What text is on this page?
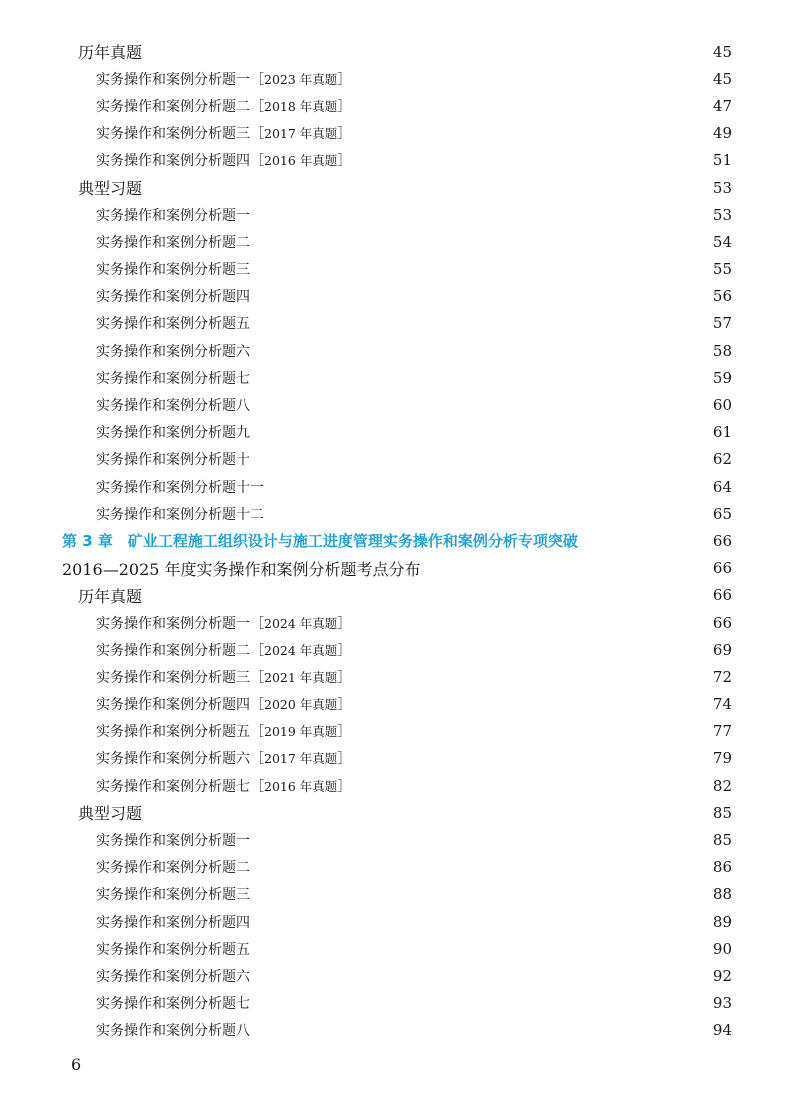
历年真题	45
实务操作和案例分析题一 ［ 2023 年真题 ］	45
实务操作和案例分析题二 ［ 2018 年真题 ］	47
实务操作和案例分析题三 ［ 2017 年真题 ］	49
实务操作和案例分析题四 ［ 2016 年真题 ］	51
典型习题	53
实务操作和案例分析题一	53
实务操作和案例分析题二	54
实务操作和案例分析题三	55
实务操作和案例分析题四	56
实务操作和案例分析题五	57
实务操作和案例分析题六	58
实务操作和案例分析题七	59
实务操作和案例分析题八	60
实务操作和案例分析题九	61
实务操作和案例分析题十	62
实务操作和案例分析题十一	64
实务操作和案例分析题十二	65
第 3 章　矿业工程施工组织设计与施工进度管理实务操作和案例分析专项突破	66
2016—2025 年度实务操作和案例分析题考点分布	66
历年真题	66
实务操作和案例分析题一 ［ 2024 年真题 ］	66
实务操作和案例分析题二 ［ 2024 年真题 ］	69
实务操作和案例分析题三 ［ 2021 年真题 ］	72
实务操作和案例分析题四 ［ 2020 年真题 ］	74
实务操作和案例分析题五 ［ 2019 年真题 ］	77
实务操作和案例分析题六 ［ 2017 年真题 ］	79
实务操作和案例分析题七 ［ 2016 年真题 ］	82
典型习题	85
实务操作和案例分析题一	85
实务操作和案例分析题二	86
实务操作和案例分析题三	88
实务操作和案例分析题四	89
实务操作和案例分析题五	90
实务操作和案例分析题六	92
实务操作和案例分析题七	93
实务操作和案例分析题八	94
6
